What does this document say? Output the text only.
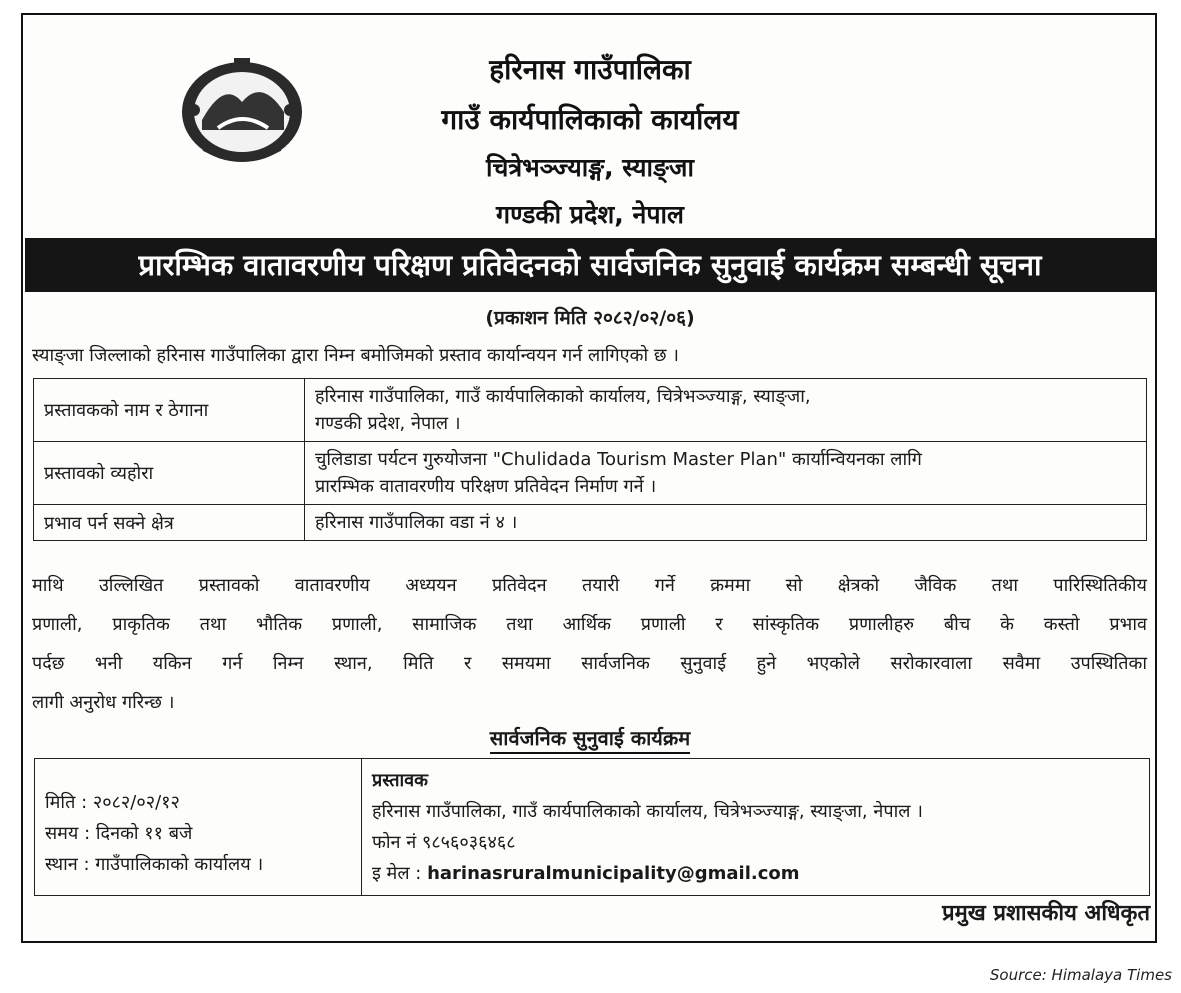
हरिनास गाउँपालिका
गाउँ कार्यपालिकाको कार्यालय
चित्रेभञ्ज्याङ्ग, स्याङ्जा
गण्डकी प्रदेश, नेपाल
प्रारम्भिक वातावरणीय परिक्षण प्रतिवेदनको सार्वजनिक सुनुवाई कार्यक्रम सम्बन्धी सूचना
(प्रकाशन मिति २०८२/०२/०६)
स्याङ्जा जिल्लाको हरिनास गाउँपालिका द्वारा निम्न बमोजिमको प्रस्ताव कार्यान्वयन गर्न लागिएको छ ।
प्रस्तावकको नाम र ठेगाना	हरिनास गाउँपालिका, गाउँ कार्यपालिकाको कार्यालय, चित्रेभञ्ज्याङ्ग, स्याङ्जा,
गण्डकी प्रदेश, नेपाल ।

प्रस्तावको व्यहोरा	चुलिडाडा पर्यटन गुरुयोजना "Chulidada Tourism Master Plan" कार्यान्वियनका लागि
प्रारम्भिक वातावरणीय परिक्षण प्रतिवेदन निर्माण गर्ने ।

प्रभाव पर्न सक्ने क्षेत्र	हरिनास गाउँपालिका वडा नं ४ ।
माथि उल्लिखित प्रस्तावको वातावरणीय अध्ययन प्रतिवेदन तयारी गर्ने क्रममा सो क्षेत्रको जैविक तथा पारिस्थितिकीय
प्रणाली, प्राकृतिक तथा भौतिक प्रणाली, सामाजिक तथा आर्थिक प्रणाली र सांस्कृतिक प्रणालीहरु बीच के कस्तो प्रभाव
पर्दछ भनी यकिन गर्न निम्न स्थान, मिति र समयमा सार्वजनिक सुनुवाई हुने भएकोले सरोकारवाला सवैमा उपस्थितिका
लागी अनुरोध गरिन्छ ।
सार्वजनिक सुनुवाई कार्यक्रम
मिति : २०८२/०२/१२
समय : दिनको ११ बजे
स्थान : गाउँपालिकाको कार्यालय ।

प्रस्तावक
हरिनास गाउँपालिका, गाउँ कार्यपालिकाको कार्यालय, चित्रेभञ्ज्याङ्ग, स्याङ्जा, नेपाल ।
फोन नं ९८५६०३६४६८
इ मेल : harinasruralmunicipality@gmail.com
प्रमुख प्रशासकीय अधिकृत
Source: Himalaya Times
